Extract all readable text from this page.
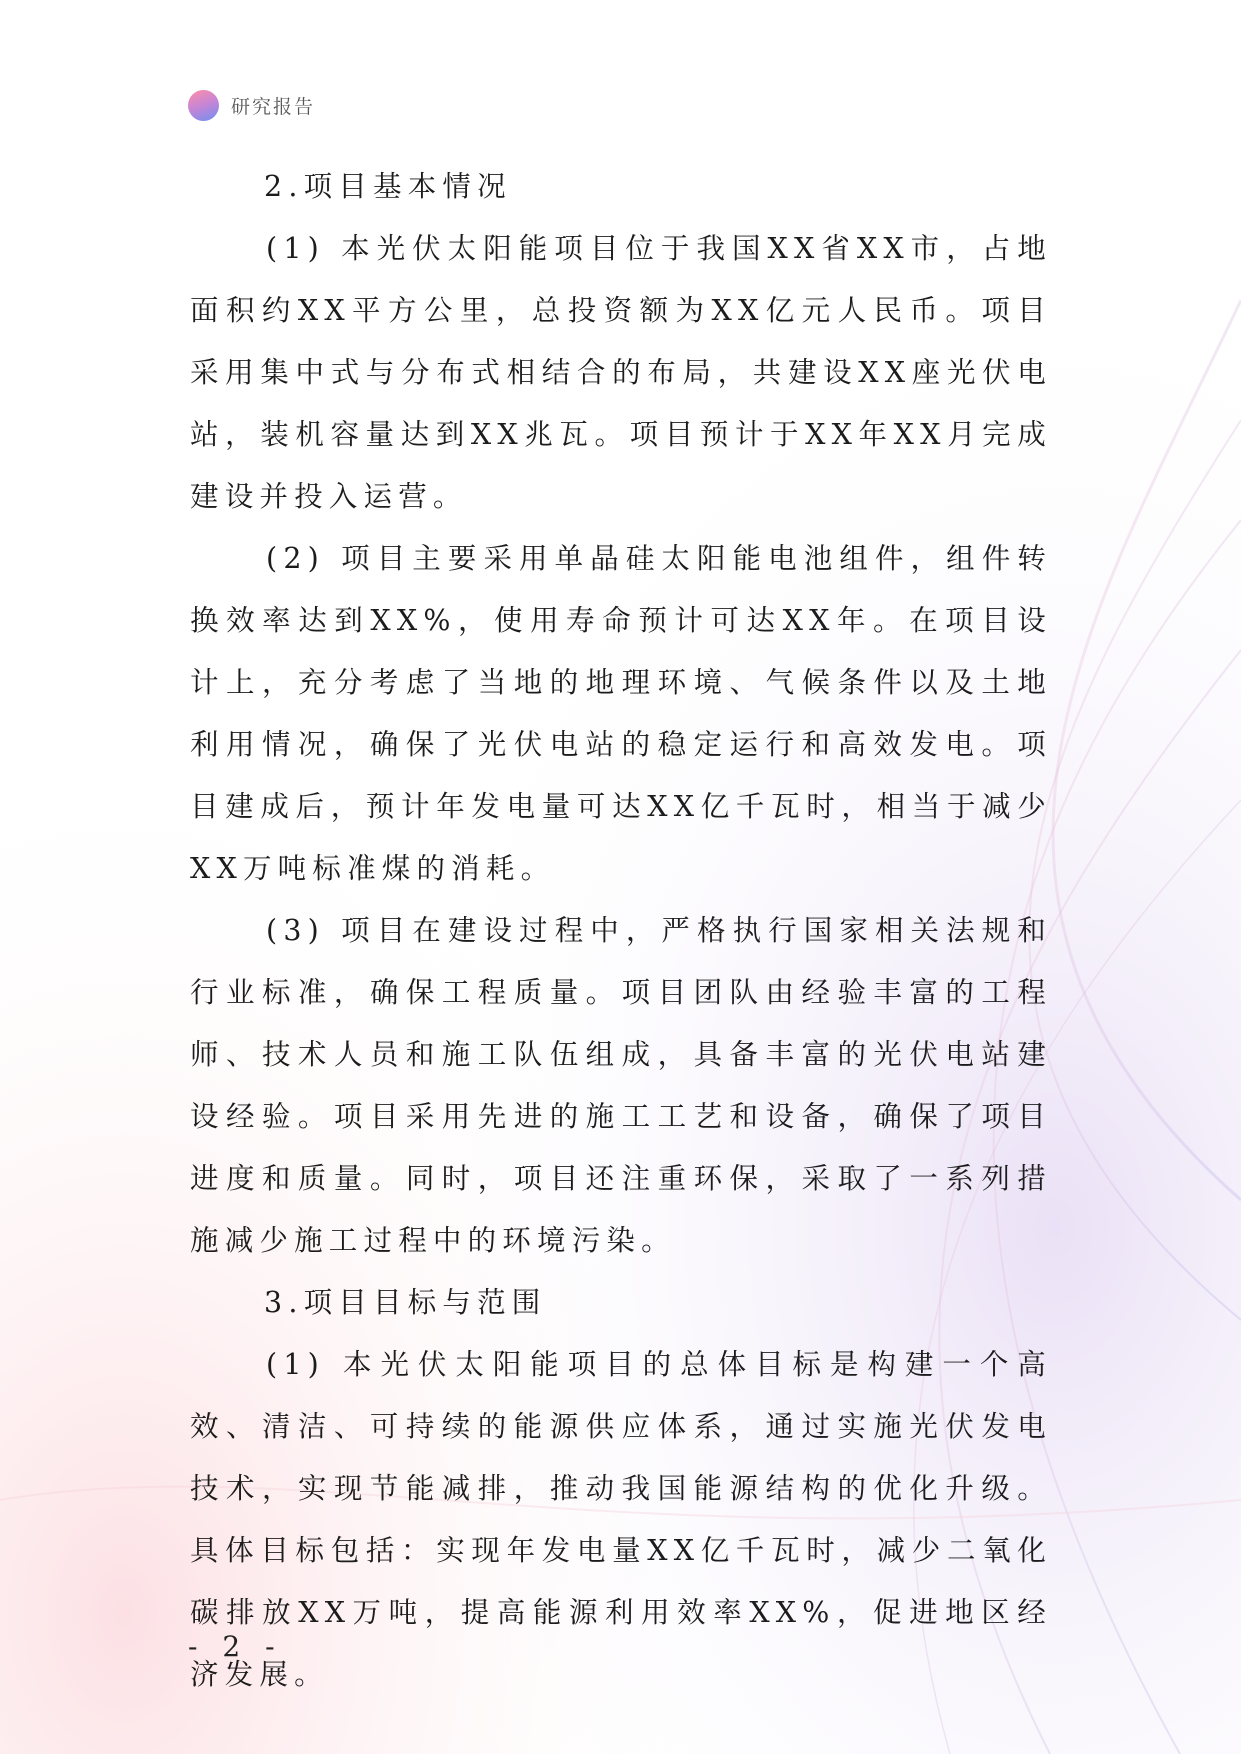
研究报告

2.项目基本情况

(1) 本光伏太阳能项目位于我国XX省XX市，占地面积约XX平方公里，总投资额为XX亿元人民币。项目采用集中式与分布式相结合的布局，共建设XX座光伏电站，装机容量达到XX兆瓦。项目预计于XX年XX月完成建设并投入运营。

(2) 项目主要采用单晶硅太阳能电池组件，组件转换效率达到XX%，使用寿命预计可达XX年。在项目设计上，充分考虑了当地的地理环境、气候条件以及土地利用情况，确保了光伏电站的稳定运行和高效发电。项目建成后，预计年发电量可达XX亿千瓦时，相当于减少XX万吨标准煤的消耗。

(3) 项目在建设过程中，严格执行国家相关法规和行业标准，确保工程质量。项目团队由经验丰富的工程师、技术人员和施工队伍组成，具备丰富的光伏电站建设经验。项目采用先进的施工工艺和设备，确保了项目进度和质量。同时，项目还注重环保，采取了一系列措施减少施工过程中的环境污染。

3.项目目标与范围

(1) 本光伏太阳能项目的总体目标是构建一个高效、清洁、可持续的能源供应体系，通过实施光伏发电技术，实现节能减排，推动我国能源结构的优化升级。具体目标包括：实现年发电量XX亿千瓦时，减少二氧化碳排放XX万吨，提高能源利用效率XX%，促进地区经济发展。

- 2 -
